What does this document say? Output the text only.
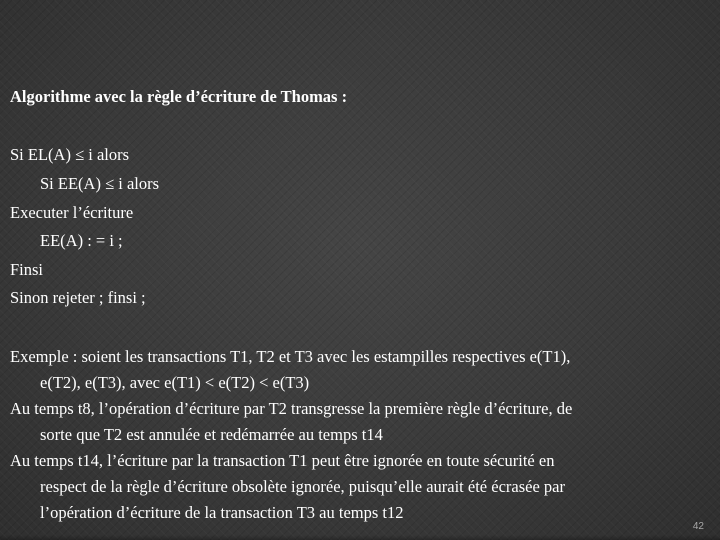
Algorithme avec la règle d’écriture de Thomas :
Si EL(A) ≤ i alors
Si EE(A) ≤ i alors
Executer l’écriture
EE(A) : = i ;
Finsi
Sinon rejeter ; finsi ;
Exemple : soient les transactions T1, T2 et T3 avec les estampilles respectives e(T1),
e(T2), e(T3), avec e(T1) < e(T2) < e(T3)
Au temps t8, l’opération d’écriture par T2 transgresse la première règle d’écriture, de
sorte que T2 est annulée et redémarrée au temps t14
Au temps t14, l’écriture par la transaction T1 peut être ignorée en toute sécurité en
respect de la règle d’écriture obsolète ignorée, puisqu’elle aurait été écrasée par
l’opération d’écriture de la transaction T3 au temps t12
42
